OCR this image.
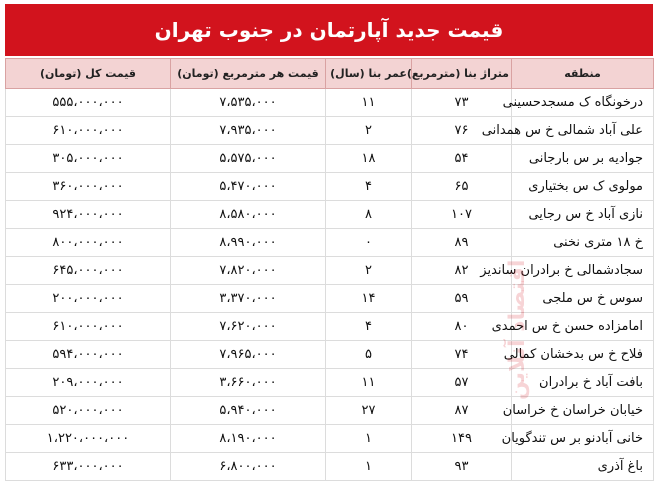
قیمت جدید آپارتمان در جنوب تهران
منطقه	متراژ بنا (مترمربع)	عمر بنا (سال)	قیمت هر مترمربع (تومان)	قیمت کل (تومان)
درخونگاه ک مسجدحسینی	۷۳	۱۱	۷،۵۳۵،۰۰۰	۵۵۵،۰۰۰،۰۰۰
علی آباد شمالی خ س همدانی	۷۶	۲	۷،۹۳۵،۰۰۰	۶۱۰،۰۰۰،۰۰۰
جوادیه بر س بارجانی	۵۴	۱۸	۵،۵۷۵،۰۰۰	۳۰۵،۰۰۰،۰۰۰
مولوی ک س بختیاری	۶۵	۴	۵،۴۷۰،۰۰۰	۳۶۰،۰۰۰،۰۰۰
نازی آباد خ س رجایی	۱۰۷	۸	۸،۵۸۰،۰۰۰	۹۲۴،۰۰۰،۰۰۰
خ ۱۸ متری نخنی	۸۹	۰	۸،۹۹۰،۰۰۰	۸۰۰،۰۰۰،۰۰۰
سجادشمالی خ برادران ساندیز	۸۲	۲	۷،۸۲۰،۰۰۰	۶۴۵،۰۰۰،۰۰۰
سوس خ س ملجی	۵۹	۱۴	۳،۳۷۰،۰۰۰	۲۰۰،۰۰۰،۰۰۰
امامزاده حسن خ س احمدی	۸۰	۴	۷،۶۲۰،۰۰۰	۶۱۰،۰۰۰،۰۰۰
فلاح خ س بدخشان کمالی	۷۴	۵	۷،۹۶۵،۰۰۰	۵۹۴،۰۰۰،۰۰۰
بافت آباد خ برادران	۵۷	۱۱	۳،۶۶۰،۰۰۰	۲۰۹،۰۰۰،۰۰۰
خیابان خراسان خ خراسان	۸۷	۲۷	۵،۹۴۰،۰۰۰	۵۲۰،۰۰۰،۰۰۰
خانی آبادنو بر س تندگویان	۱۴۹	۱	۸،۱۹۰،۰۰۰	۱،۲۲۰،۰۰۰،۰۰۰
باغ آذری	۹۳	۱	۶،۸۰۰،۰۰۰	۶۳۳،۰۰۰،۰۰۰
اقتصاد
